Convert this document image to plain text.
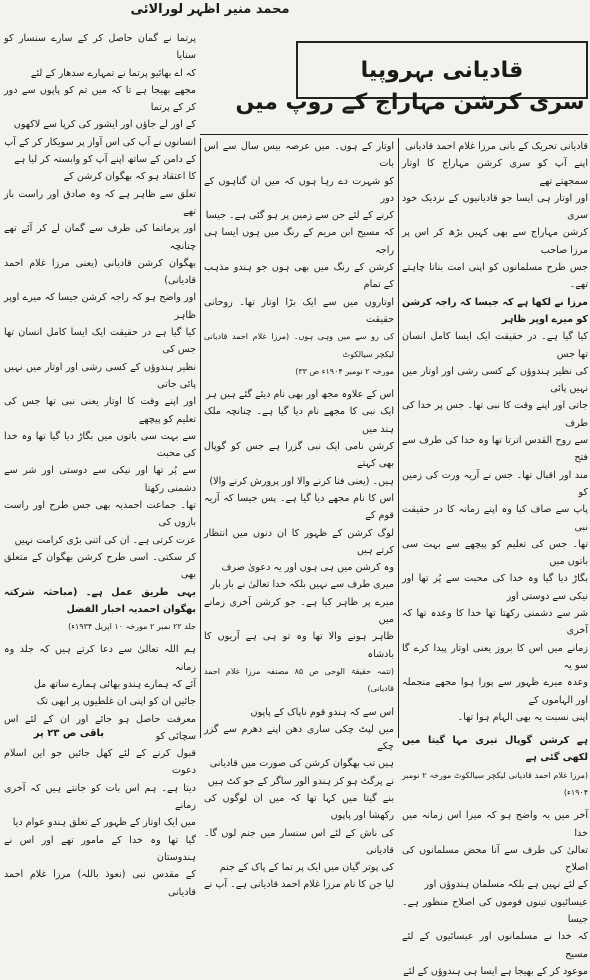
محمد منیر اظہر لورالائی
قادیانی بہروپیا
سری کرشن مہاراج کے روپ میں

قادیانی تحریک کے بانی مرزا غلام احمد قادیانی

اپنے آپ کو سری کرشن مہاراج کا اوتار سمجھتے تھے

اور اوتار ہی ایسا جو قادیانیوں کے نزدیک خود سری

کرشن مہاراج سے بھی کہیں بڑھ کر اس پر مرزا صاحب

جس طرح مسلمانوں کو اپنی امت بنانا چاہتے تھے۔

مرزا نے لکھا ہے کہ جیسا کہ راجہ کرشن کو میرے اوپر ظاہر

کیا گیا ہے۔ در حقیقت ایک ایسا کامل انسان تھا جس

کی نظیر ہندوؤں کے کسی رشی اور اوتار میں نہیں پائی

جاتی اور اپنے وقت کا نبی تھا۔ جس پر خدا کی طرف

سے روح القدس اترتا تھا وہ خدا کی طرف سے فتح

مند اور اقبال تھا۔ جس نے آریہ ورت کی زمین کو

پاپ سے صاف کیا وہ اپنے زمانہ کا در حقیقت نبی

تھا۔ جس کی تعلیم کو پیچھے سے بہت سی باتوں میں

بگاڑ دیا گیا وہ خدا کی محبت سے پُر تھا اور نیکی سے دوستی اور

شر سے دشمنی رکھتا تھا خدا کا وعدہ تھا کہ آخری

زمانے میں اس کا بروز یعنی اوتار پیدا کرے گا سو یہ

وعدہ میرے ظہور سے پورا ہوا مجھے منجملہ اور الہاموں کے

اپنی نسبت یہ بھی الہام ہوا تھا۔

ہے کرشن گوپال تیری مہا گیتا میں لکھی گئی ہے

(مرزا غلام احمد قادیانی لیکچر سیالکوٹ مورخہ ۲ نومبر ۱۹۰۴ء)

آخر میں یہ واضح ہو کہ میرا اس زمانہ میں خدا

تعالیٰ کی طرف سے آنا محض مسلمانوں کی اصلاح

کے لئے نہیں ہے بلکہ مسلمان ہندوؤں اور

عیسائیوں تینوں قوموں کی اصلاح منظور ہے۔ جیسا

کہ خدا نے مسلمانوں اور عیسائیوں کے لئے مسیح

موعود کر کے بھیجا ہے ایسا ہی ہندوؤں کے لئے

اوتار کے ہوں۔ میں عرصہ بیس سال سے اس بات

کو شہرت دے رہا ہوں کہ میں ان گناہوں کے دور

کرنے کے لئے جن سے زمین پر ہو گئی ہے۔ جیسا

کہ مسیح ابن مریم کے رنگ میں ہوں ایسا ہی راجہ

کرشن کے رنگ میں بھی ہوں جو ہندو مذہب کے تمام

اوتاروں میں سے ایک بڑا اوتار تھا۔ روحانی حقیقت

کی رو سے میں وہی ہوں۔ (مرزا غلام احمد قادیانی لیکچر سیالکوٹ

مورخہ ۲ نومبر ۱۹۰۴ء ص ۳۳)

اس کے علاوہ مجھ اور بھی نام دیئے گئے ہیں ہر

ایک نبی کا مجھے نام دیا گیا ہے۔ چنانچہ ملک ہند میں

کرشن نامی ایک نبی گزرا ہے جس کو گوپال بھی کہتے

ہیں۔ (یعنی فنا کرنے والا اور پرورش کرنے والا)

اس کا نام مجھے دیا گیا ہے۔ پس جیسا کہ آریہ قوم کے

لوگ کرشن کے ظہور کا ان دنوں میں انتظار کرتے ہیں

وہ کرشن میں ہی ہوں اور یہ دعویٰ صرف

میری طرف سے نہیں بلکہ خدا تعالیٰ نے بار بار

میرے پر ظاہر کیا ہے۔ جو کرشن آخری زمانے میں

ظاہر ہونے والا تھا وہ تو ہی ہے آریوں کا بادشاہ

(تتمہ حقیقۃ الوحی ص ۸۵ مصنفہ مرزا غلام احمد قادیانی)

اس سے کہ ہندو قوم ناپاک کے پاپوں

میں لپٹ چکی ساری دھن اپنے دھرم سے گزر چکے

ہیں تب بھگوان کرشن کی صورت میں قادیانی

نے پرگٹ ہو کر ہندو الور ساگر کے جو کٹ ہیں

بنے گیتا میں کہا تھا کہ میں ان لوگوں کی رکھشا اور پاپوں

کی ناش کے لئے اس سنسار میں جنم لوں گا۔ قادیانی

کی پوتر گیان میں ایک پر تما کے پاک کے جنم

لیا جن کا نام مرزا غلام احمد قادیانی ہے۔ آپ نے

پرتما نے گمان حاصل کر کے سارے سنسار کو سنایا

کہ اے بھائیو پرتما نے تمہارے سدھار کے لئے

مجھے بھیجا ہے تا کہ میں تم کو پاپوں سے دور کر کے پرتما

کے اور لے جاؤں اور ایشور کی کرپا سے لاکھوں

انسانوں نے آپ کی اس آواز پر سویکار کر کے آپ

کے دامن کے ساتھ اپنے آپ کو وابستہ کر لیا ہے

کا اعتقاد ہو کہ بھگوان کرشن کے

تعلق سے ظاہر ہے کہ وہ صادق اور راست باز تھے

اور پرماتما کی طرف سے گمان لے کر آئے تھے چنانچہ

بھگوان کرشن قادیانی (یعنی مرزا غلام احمد قادیانی)

اور واضح ہو کہ راجہ کرشن جیسا کہ میرے اوپر ظاہر

کیا گیا ہے در حقیقت ایک ایسا کامل انسان تھا جس کی

نظیر ہندوؤں کے کسی رشی اور اوتار میں نہیں پائی جاتی

اور اپنے وقت کا اوتار یعنی نبی تھا جس کی تعلیم کو پیچھے

سے بہت سی باتوں میں بگاڑ دیا گیا تھا وہ خدا کی محبت

سے پُر تھا اور نیکی سے دوستی اور شر سے دشمنی رکھتا

تھا۔ جماعت احمدیہ بھی جس طرح اور راست بازوں کی

عزت کرتی ہے۔ ان کی اتنی بڑی کرامت نہیں

کر سکتی۔ اسی طرح کرشن بھگوان کے متعلق بھی

یہی طریق عمل ہے۔ (مباحثہ شرکتہ بھگوان احمدیہ اخبار الفضل

جلد ۲۲ نمبر ۲ مورخہ ۱۰ اپریل ۱۹۳۴ء)

ہم اللہ تعالیٰ سے دعا کرتے ہیں کہ جلد وہ زمانہ

آئے کہ ہمارے ہندو بھائی ہمارے ساتھ مل

جائیں ان کو اپنی ان غلطیوں پر ابھی تک

معرفت حاصل ہو جائے اور ان کے لئے اس سچائی کو

قبول کرنے کے لئے کھل جائیں جو این اسلام دعوت

دیتا ہے۔ ہم اس بات کو جانتے ہیں کہ آخری زمانے

میں ایک اوتار کے ظہور کے تعلق ہندو عوام دیا

گیا تھا وہ خدا کے مامور تھے اور اس نے ہندوستان

کے مقدس نبی (نعوذ باللہ) مرزا غلام احمد قادیانی

باقی ص ۲۳ پر
